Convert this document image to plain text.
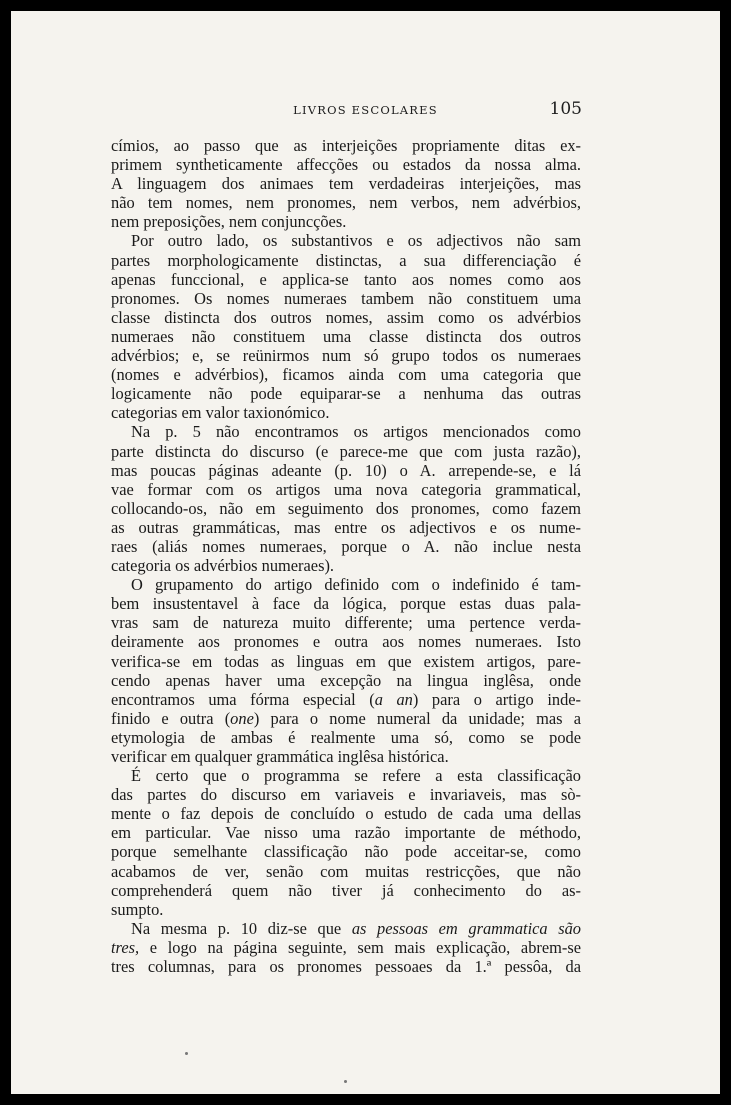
LIVROS ESCOLARES	105
címios, ao passo que as interjeições propriamente ditas ex-
primem syntheticamente affecções ou estados da nossa alma.
A linguagem dos animaes tem verdadeiras interjeições, mas
não tem nomes, nem pronomes, nem verbos, nem advérbios,
nem preposições, nem conjuncções.
Por outro lado, os substantivos e os adjectivos não sam
partes morphologicamente distinctas, a sua differenciação é
apenas funccional, e applica-se tanto aos nomes como aos
pronomes. Os nomes numeraes tambem não constituem uma
classe distincta dos outros nomes, assim como os advérbios
numeraes não constituem uma classe distincta dos outros
advérbios; e, se reünirmos num só grupo todos os numeraes
(nomes e advérbios), ficamos ainda com uma categoria que
logicamente não pode equiparar-se a nenhuma das outras
categorias em valor taxionómico.
Na p. 5 não encontramos os artigos mencionados como
parte distincta do discurso (e parece-me que com justa razão),
mas poucas páginas adeante (p. 10) o A. arrepende-se, e lá
vae formar com os artigos uma nova categoria grammatical,
collocando-os, não em seguimento dos pronomes, como fazem
as outras grammáticas, mas entre os adjectivos e os nume-
raes (aliás nomes numeraes, porque o A. não inclue nesta
categoria os advérbios numeraes).
O grupamento do artigo definido com o indefinido é tam-
bem insustentavel à face da lógica, porque estas duas pala-
vras sam de natureza muito differente; uma pertence verda-
deiramente aos pronomes e outra aos nomes numeraes. Isto
verifica-se em todas as linguas em que existem artigos, pare-
cendo apenas haver uma excepção na lingua inglêsa, onde
encontramos uma fórma especial (a an) para o artigo inde-
finido e outra (one) para o nome numeral da unidade; mas a
etymologia de ambas é realmente uma só, como se pode
verificar em qualquer grammática inglêsa histórica.
É certo que o programma se refere a esta classificação
das partes do discurso em variaveis e invariaveis, mas sò-
mente o faz depois de concluído o estudo de cada uma dellas
em particular. Vae nisso uma razão importante de méthodo,
porque semelhante classificação não pode acceitar-se, como
acabamos de ver, senão com muitas restricções, que não
comprehenderá quem não tiver já conhecimento do as-
sumpto.
Na mesma p. 10 diz-se que as pessoas em grammatica são
tres, e logo na página seguinte, sem mais explicação, abrem-se
tres columnas, para os pronomes pessoaes da 1.ª pessôa, da
